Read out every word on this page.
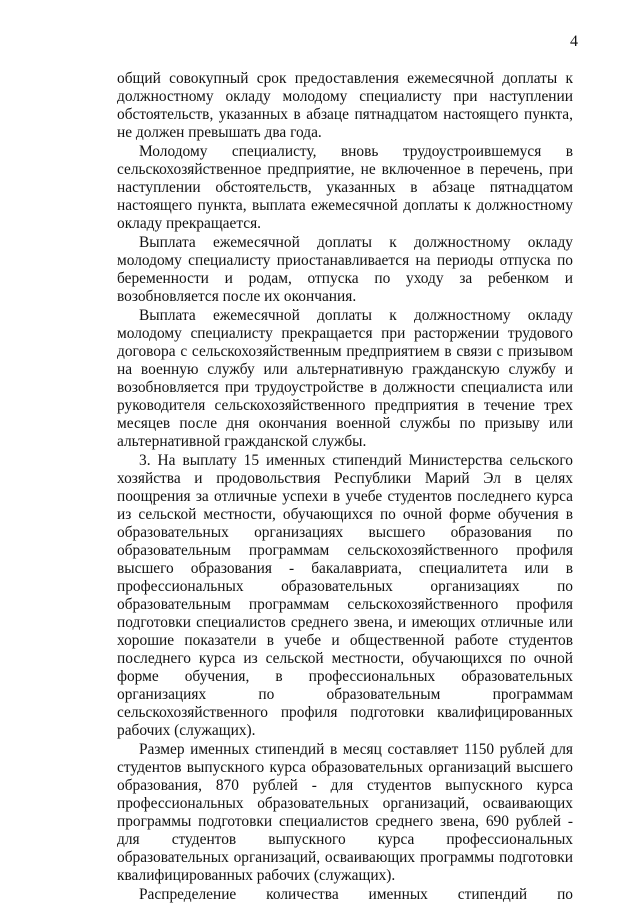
4

общий совокупный срок предоставления ежемесячной доплаты к должностному окладу молодому специалисту при наступлении обстоятельств, указанных в абзаце пятнадцатом настоящего пункта, не должен превышать два года.

Молодому специалисту, вновь трудоустроившемуся в сельскохозяйственное предприятие, не включенное в перечень, при наступлении обстоятельств, указанных в абзаце пятнадцатом настоящего пункта, выплата ежемесячной доплаты к должностному окладу прекращается.

Выплата ежемесячной доплаты к должностному окладу молодому специалисту приостанавливается на периоды отпуска по беременности и родам, отпуска по уходу за ребенком и возобновляется после их окончания.

Выплата ежемесячной доплаты к должностному окладу молодому специалисту прекращается при расторжении трудового договора с сельскохозяйственным предприятием в связи с призывом на военную службу или альтернативную гражданскую службу и возобновляется при трудоустройстве в должности специалиста или руководителя сельскохозяйственного предприятия в течение трех месяцев после дня окончания военной службы по призыву или альтернативной гражданской службы.

3. На выплату 15 именных стипендий Министерства сельского хозяйства и продовольствия Республики Марий Эл в целях поощрения за отличные успехи в учебе студентов последнего курса из сельской местности, обучающихся по очной форме обучения в образовательных организациях высшего образования по образовательным программам сельскохозяйственного профиля высшего образования - бакалавриата, специалитета или в профессиональных образовательных организациях по образовательным программам сельскохозяйственного профиля подготовки специалистов среднего звена, и имеющих отличные или хорошие показатели в учебе и общественной работе студентов последнего курса из сельской местности, обучающихся по очной форме обучения, в профессиональных образовательных организациях по образовательным программам сельскохозяйственного профиля подготовки квалифицированных рабочих (служащих).

Размер именных стипендий в месяц составляет 1150 рублей для студентов выпускного курса образовательных организаций высшего образования, 870 рублей - для студентов выпускного курса профессиональных образовательных организаций, осваивающих программы подготовки специалистов среднего звена, 690 рублей - для студентов выпускного курса профессиональных образовательных организаций, осваивающих программы подготовки квалифицированных рабочих (служащих).

Распределение количества именных стипендий по
